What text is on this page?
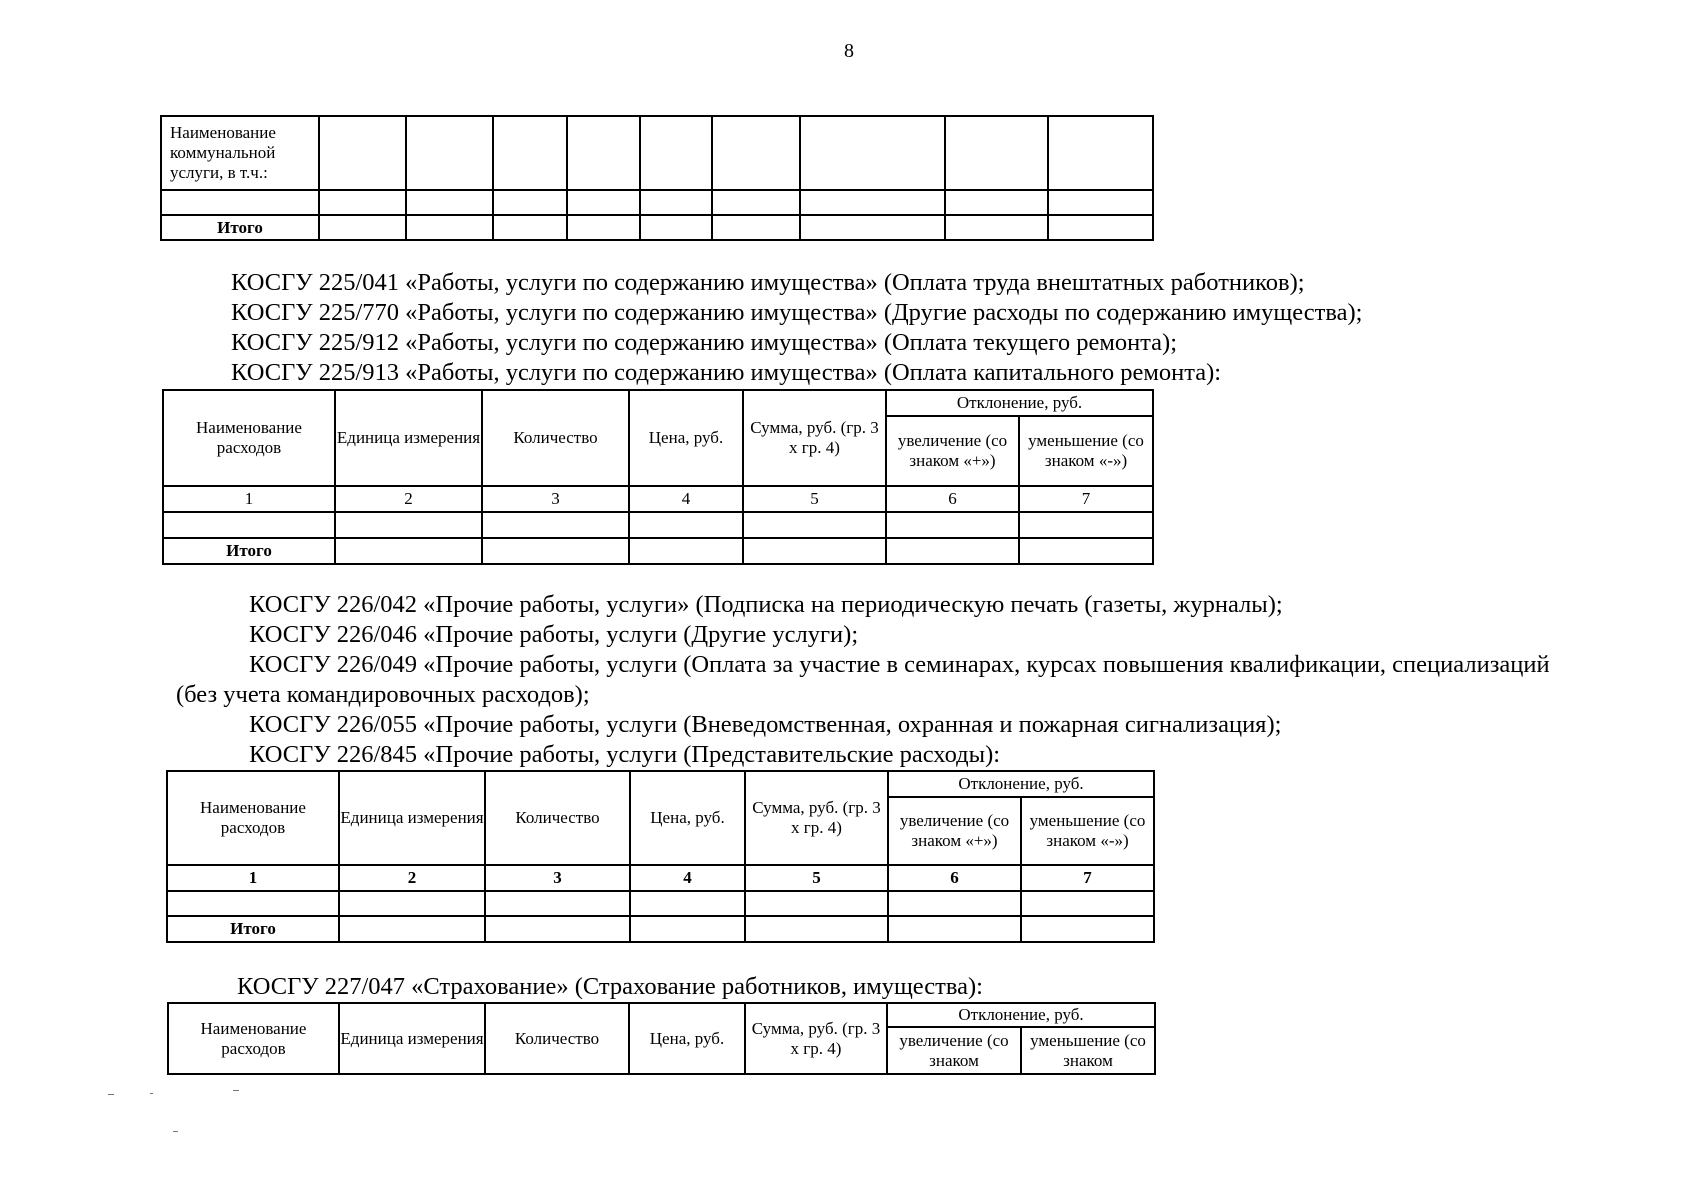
8
Наименование коммунальной услуги, в т.ч.:									

Итого									
КОСГУ 225/041 «Работы, услуги по содержанию имущества» (Оплата труда внештатных работников);
КОСГУ 225/770 «Работы, услуги по содержанию имущества» (Другие расходы по содержанию имущества);
КОСГУ 225/912 «Работы, услуги по содержанию имущества» (Оплата текущего ремонта);
КОСГУ 225/913 «Работы, услуги по содержанию имущества» (Оплата капитального ремонта):
Наименование расходов	Единица измерения	Количество	Цена, руб.	Сумма, руб. (гр. 3 х гр. 4)	Отклонение, руб.	
					увеличение (со знаком «+»)	уменьшение (со знаком «-»)
1	2	3	4	5	6	7

Итого						
КОСГУ 226/042 «Прочие работы, услуги» (Подписка на периодическую печать (газеты, журналы);
КОСГУ 226/046 «Прочие работы, услуги (Другие услуги);
КОСГУ 226/049 «Прочие работы, услуги (Оплата за участие в семинарах, курсах повышения квалификации, специализаций
(без учета командировочных расходов);
КОСГУ 226/055 «Прочие работы, услуги (Вневедомственная, охранная и пожарная сигнализация);
КОСГУ 226/845 «Прочие работы, услуги (Представительские расходы):
Наименование расходов	Единица измерения	Количество	Цена, руб.	Сумма, руб. (гр. 3 х гр. 4)	Отклонение, руб.	
					увеличение (со знаком «+»)	уменьшение (со знаком «-»)
1	2	3	4	5	6	7

Итого						
КОСГУ 227/047 «Страхование» (Страхование работников, имущества):
Наименование расходов	Единица измерения	Количество	Цена, руб.	Сумма, руб. (гр. 3 х гр. 4)	Отклонение, руб.	
					увеличение (со знаком	уменьшение (со знаком
